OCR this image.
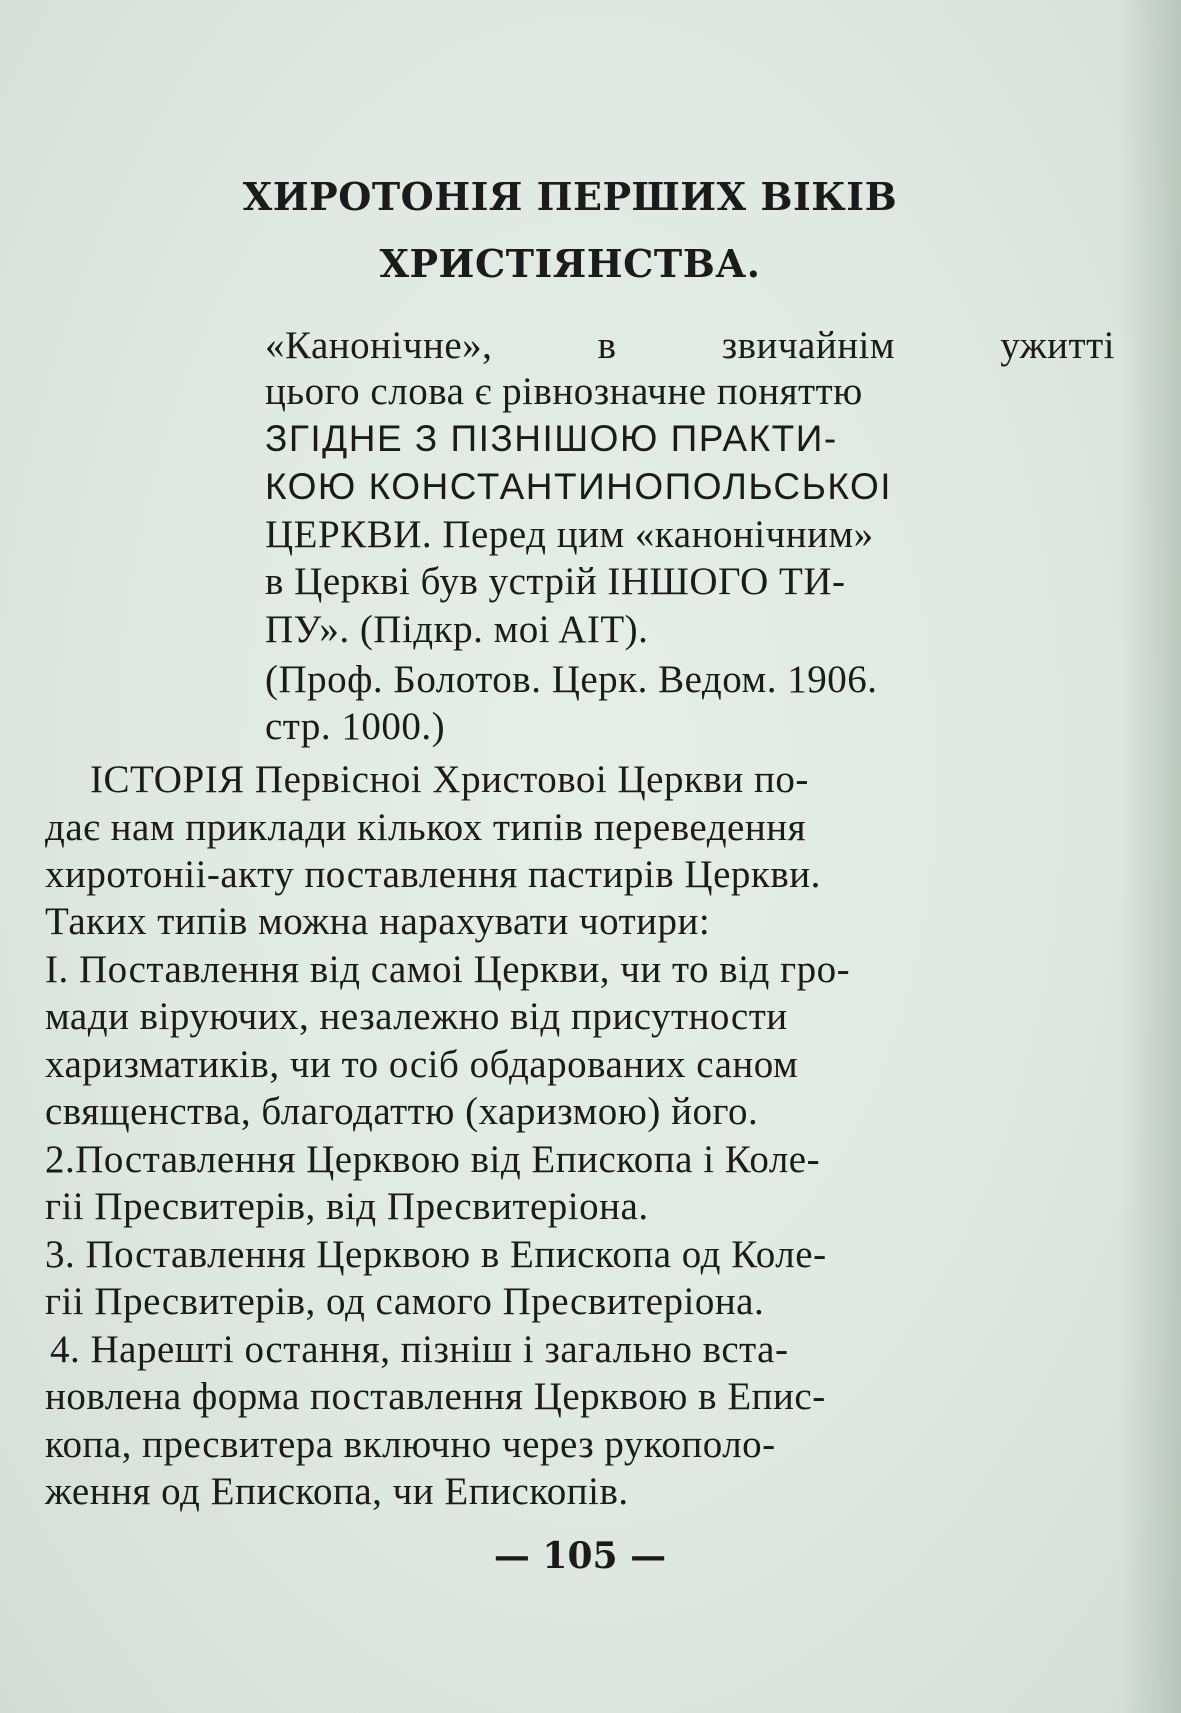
ХИРОТОНІЯ ПЕРШИХ ВІКІВ
ХРИСТІЯНСТВА.
«Канонічне»,	в	звичайнім	ужитті
цього слова є рівнозначне поняттю
ЗГІДНЕ З ПІЗНІШОЮ ПРАКТИ-
КОЮ КОНСТАНТИНОПОЛЬСЬКОІ
ЦЕРКВИ. Перед цим «канонічним»
в Церкві був устрій ІНШОГО ТИ-
ПУ». (Підкр. мoi AIT).
(Проф. Болотов. Церк. Ведом. 1906.
стр. 1000.)
ІСТОРІЯ Первісноі Христовоі Церкви по-
дає нам приклади кількох типів переведення
хиротонii-акту поставлення пастирів Церкви.
Таких типів можна нарахувати чотири:
І. Поставлення від самоі Церкви, чи то від гро-
мади віруючих, незалежно від присутности
харизматиків, чи то осіб обдарованих саном
священства, благодаттю (харизмою) його.
2.Поставлення Церквою від Епископа і Коле-
гіі Пресвитерів, від Пресвитеріона.
3. Поставлення Церквою в Епископа од Коле-
гіі Пресвитерів, од самого Пресвитеріона.
4. Нарешті остання, пізніш і загально вста-
новлена форма поставлення Церквою в Епис-
копа, пресвитера включно через рукополо-
ження од Епископа, чи Епископів.
— 105 —
